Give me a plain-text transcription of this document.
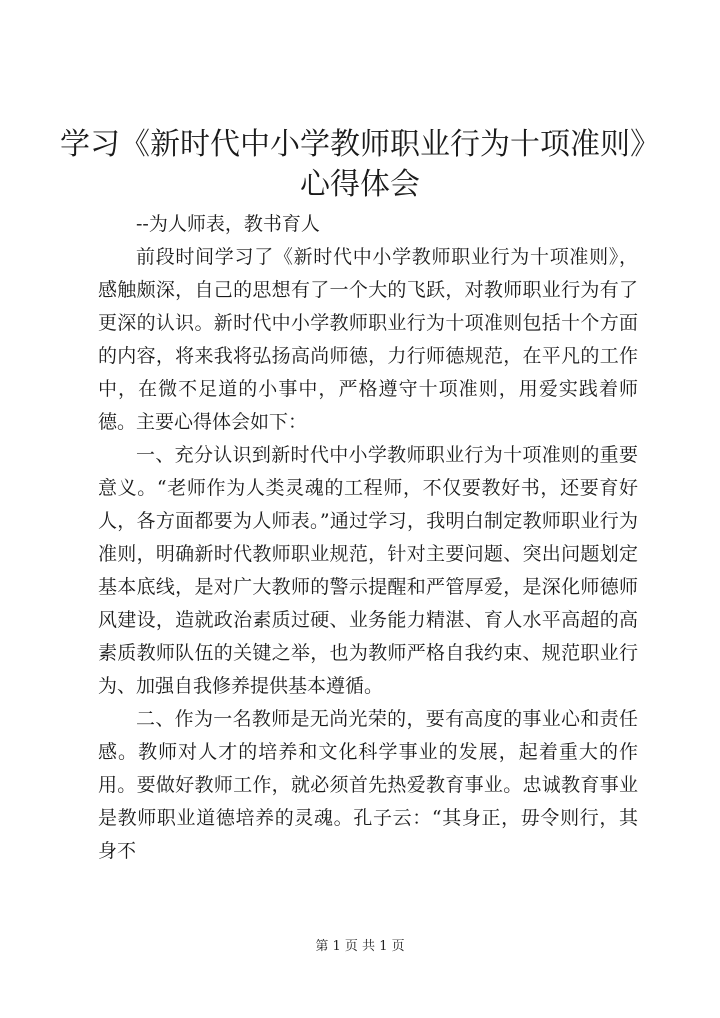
学习《新时代中小学教师职业行为十项准则》
心得体会

--为人师表，教书育人

前段时间学习了《新时代中小学教师职业行为十项准则》，感触颇深，自己的思想有了一个大的飞跃，对教师职业行为有了更深的认识。新时代中小学教师职业行为十项准则包括十个方面的内容，将来我将弘扬高尚师德，力行师德规范，在平凡的工作中，在微不足道的小事中，严格遵守十项准则，用爱实践着师德。主要心得体会如下：

一、充分认识到新时代中小学教师职业行为十项准则的重要意义。“老师作为人类灵魂的工程师，不仅要教好书，还要育好人，各方面都要为人师表。”通过学习，我明白制定教师职业行为准则，明确新时代教师职业规范，针对主要问题、突出问题划定基本底线，是对广大教师的警示提醒和严管厚爱，是深化师德师风建设，造就政治素质过硬、业务能力精湛、育人水平高超的高素质教师队伍的关键之举，也为教师严格自我约束、规范职业行为、加强自我修养提供基本遵循。

二、作为一名教师是无尚光荣的，要有高度的事业心和责任感。教师对人才的培养和文化科学事业的发展，起着重大的作用。要做好教师工作，就必须首先热爱教育事业。忠诚教育事业是教师职业道德培养的灵魂。孔子云：“其身正，毋令则行，其身不

第 1 页 共 1 页
